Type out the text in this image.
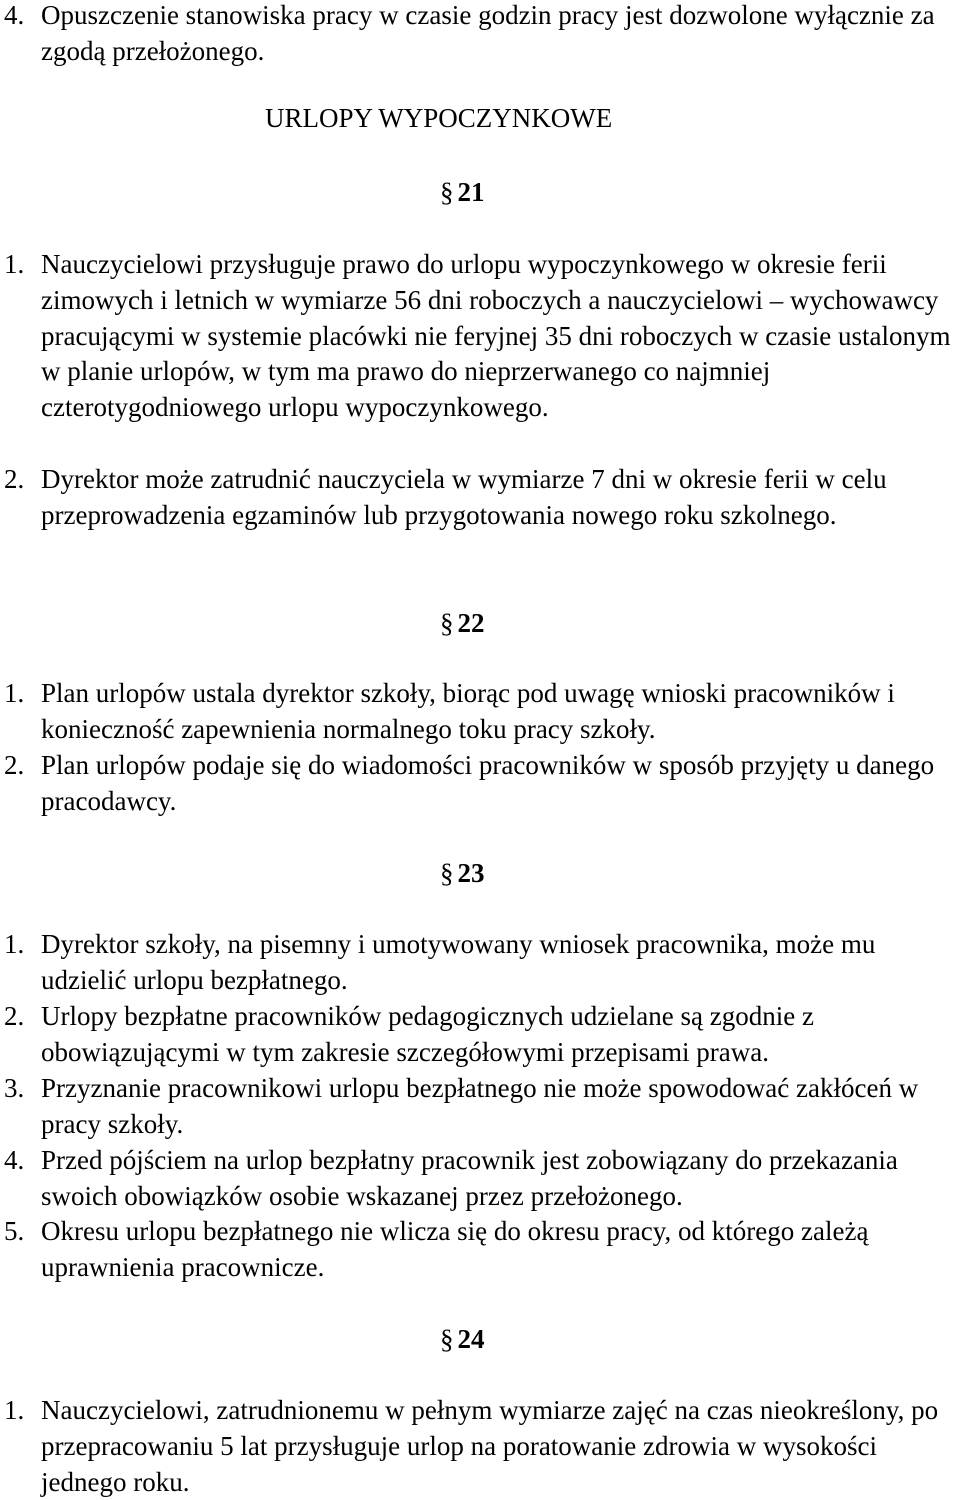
4. Opuszczenie stanowiska pracy w czasie godzin pracy jest dozwolone wyłącznie za zgodą przełożonego.
URLOPY WYPOCZYNKOWE
§ 21
1. Nauczycielowi przysługuje prawo do urlopu wypoczynkowego w okresie ferii zimowych i letnich w wymiarze 56 dni roboczych a nauczycielowi – wychowawcy pracującymi w systemie placówki nie feryjnej 35 dni roboczych w czasie ustalonym w planie urlopów, w tym ma prawo do nieprzerwanego co najmniej czterotygodniowego urlopu wypoczynkowego.
2. Dyrektor może zatrudnić nauczyciela w wymiarze 7 dni w okresie ferii w celu przeprowadzenia egzaminów lub przygotowania nowego roku szkolnego.
§ 22
1. Plan urlopów ustala dyrektor szkoły, biorąc pod uwagę wnioski pracowników i konieczność zapewnienia normalnego toku pracy szkoły.
2. Plan urlopów podaje się do wiadomości pracowników w sposób przyjęty u danego pracodawcy.
§ 23
1. Dyrektor szkoły, na pisemny i umotywowany wniosek pracownika, może mu udzielić urlopu bezpłatnego.
2. Urlopy bezpłatne pracowników pedagogicznych udzielane są zgodnie z obowiązującymi w tym zakresie szczegółowymi przepisami prawa.
3. Przyznanie pracownikowi urlopu bezpłatnego nie może spowodować zakłóceń w pracy szkoły.
4. Przed pójściem na urlop bezpłatny pracownik jest zobowiązany do przekazania swoich obowiązków osobie wskazanej przez przełożonego.
5. Okresu urlopu bezpłatnego nie wlicza się do okresu pracy, od którego zależą uprawnienia pracownicze.
§ 24
1. Nauczycielowi, zatrudnionemu w pełnym wymiarze zajęć na czas nieokreślony, po przepracowaniu 5 lat przysługuje urlop na poratowanie zdrowia w wysokości jednego roku.
